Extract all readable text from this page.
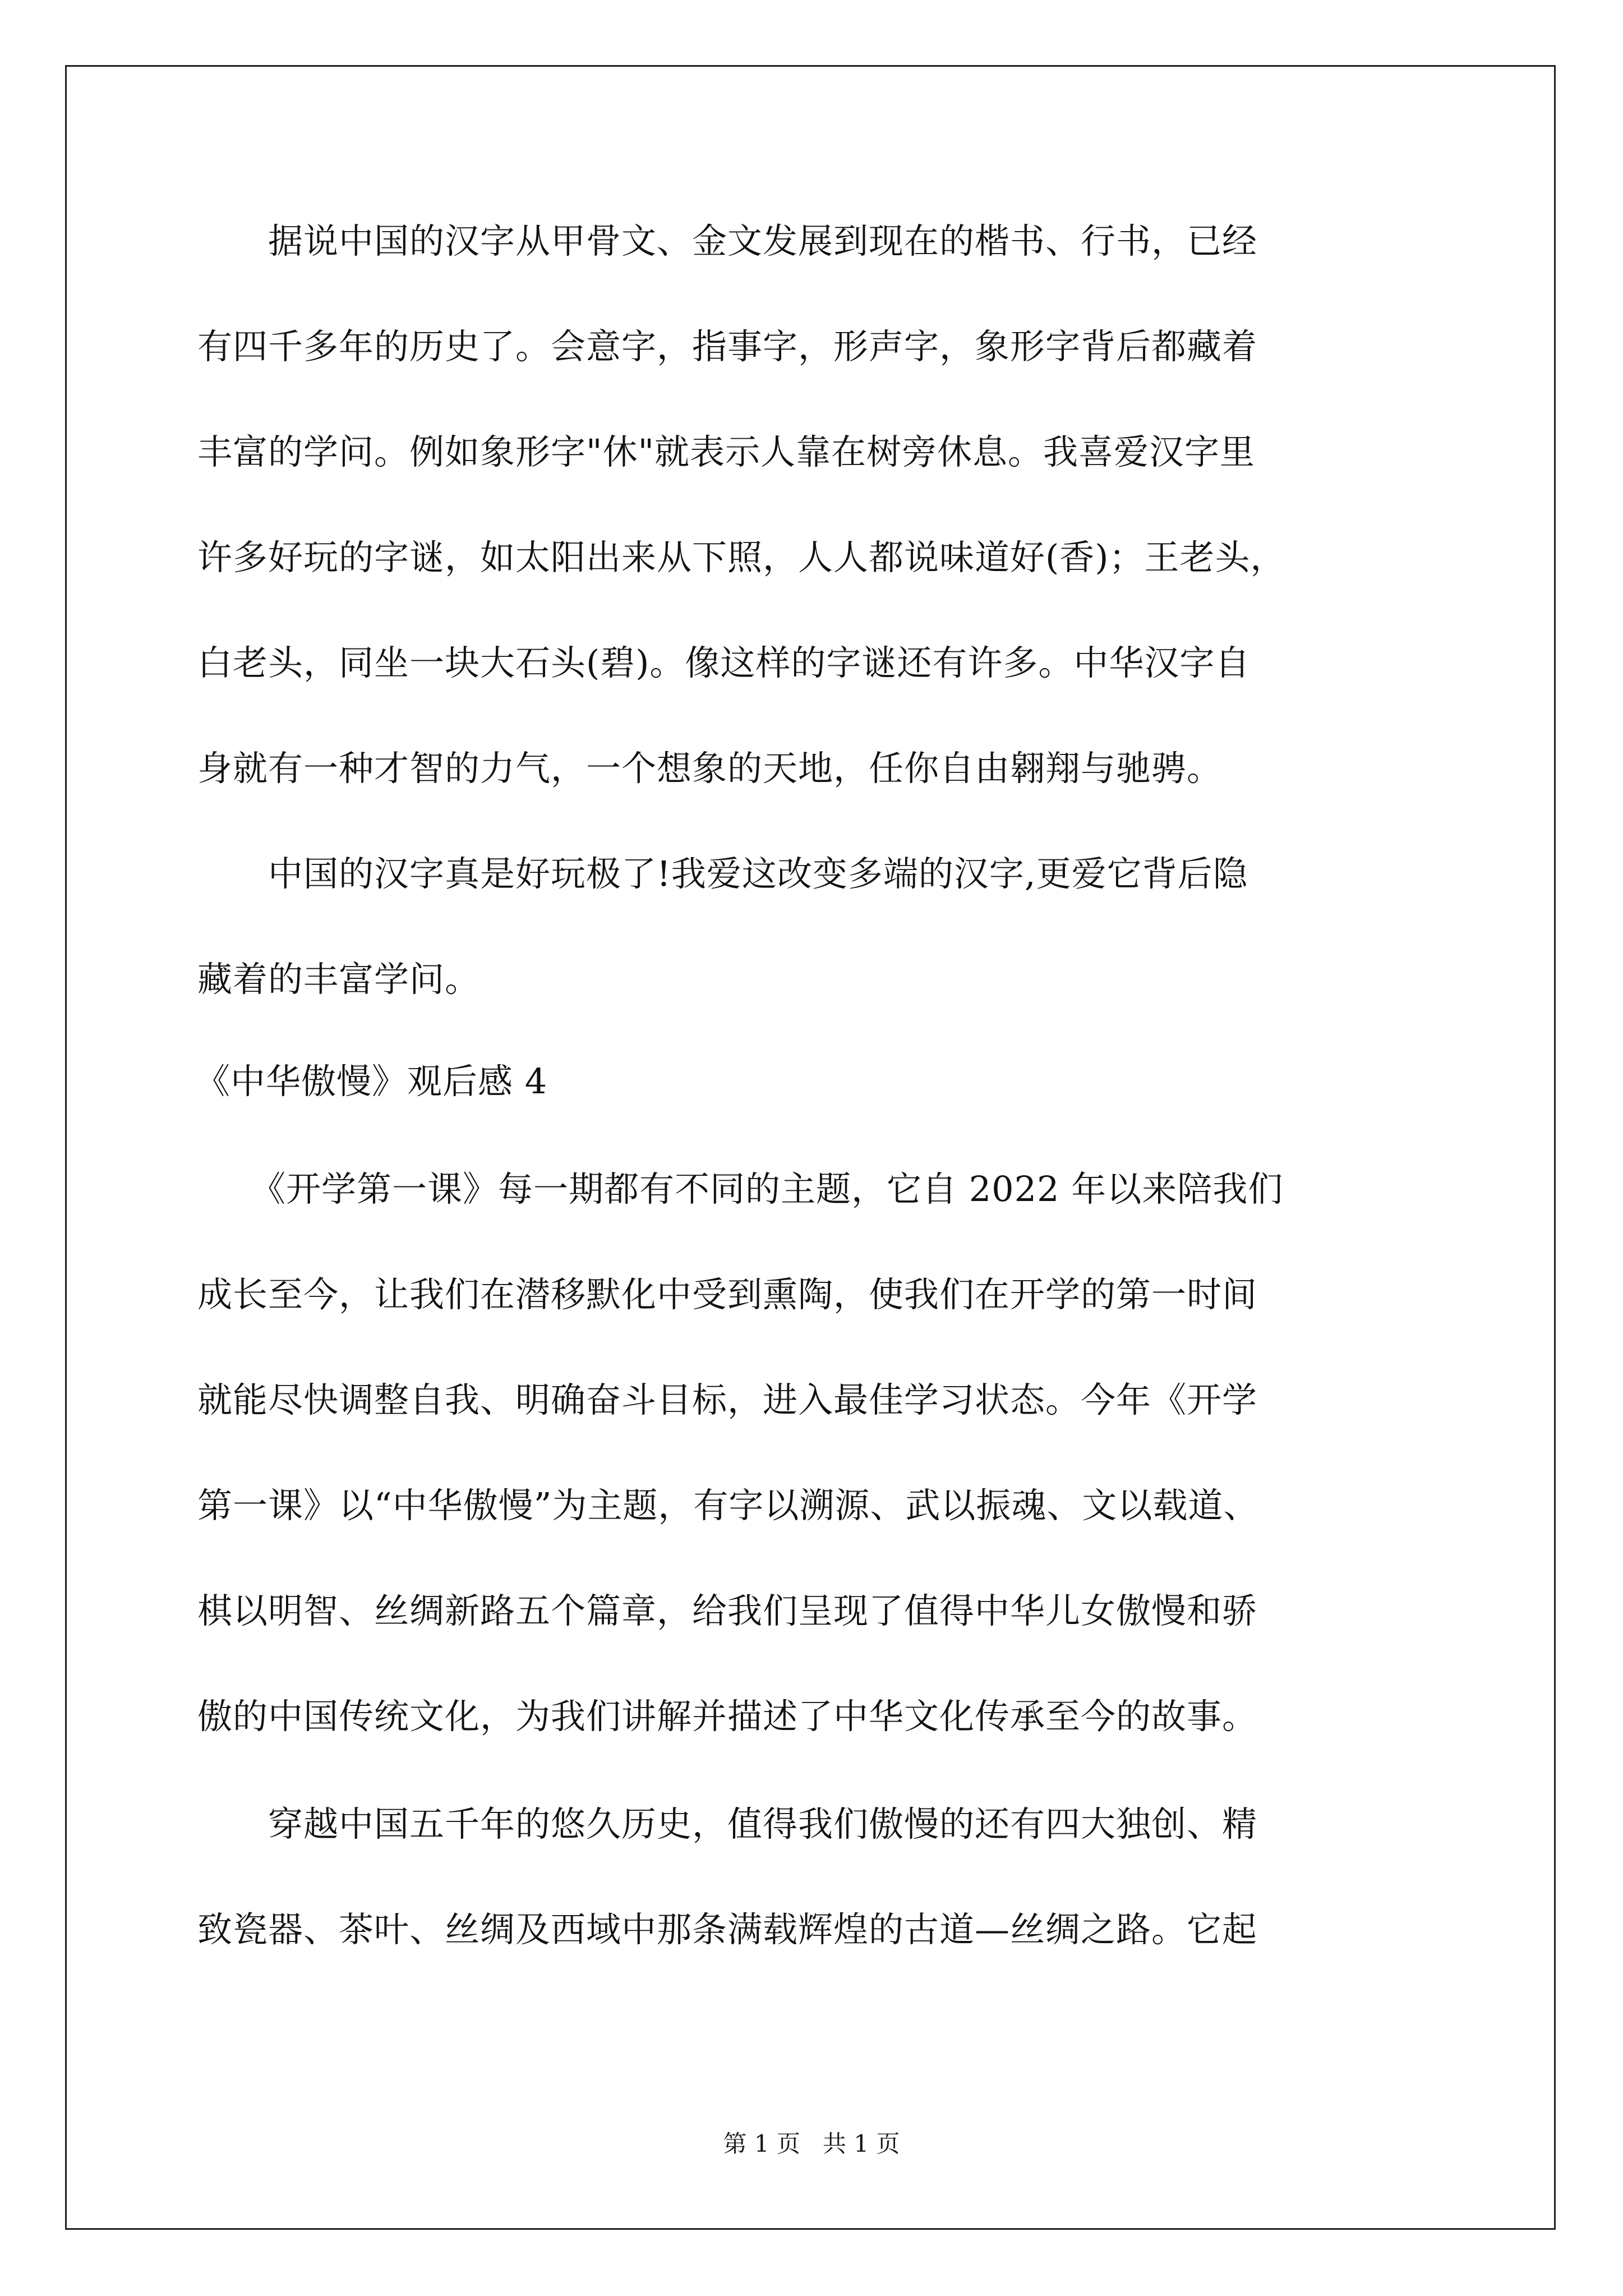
　　据说中国的汉字从甲骨文、金文发展到现在的楷书、行书，已经
有四千多年的历史了。会意字，指事字，形声字，象形字背后都藏着
丰富的学问。例如象形字"休"就表示人靠在树旁休息。我喜爱汉字里
许多好玩的字谜，如太阳出来从下照，人人都说味道好(香)；王老头，
白老头，同坐一块大石头(碧)。像这样的字谜还有许多。中华汉字自
身就有一种才智的力气，一个想象的天地，任你自由翱翔与驰骋。
　　中国的汉字真是好玩极了!我爱这改变多端的汉字,更爱它背后隐
藏着的丰富学问。
《中华傲慢》观后感 4
　　《开学第一课》每一期都有不同的主题，它自 2022 年以来陪我们
成长至今，让我们在潜移默化中受到熏陶，使我们在开学的第一时间
就能尽快调整自我、明确奋斗目标，进入最佳学习状态。今年《开学
第一课》以“中华傲慢”为主题，有字以溯源、武以振魂、文以载道、
棋以明智、丝绸新路五个篇章，给我们呈现了值得中华儿女傲慢和骄
傲的中国传统文化，为我们讲解并描述了中华文化传承至今的故事。
　　穿越中国五千年的悠久历史，值得我们傲慢的还有四大独创、精
致瓷器、茶叶、丝绸及西域中那条满载辉煌的古道—丝绸之路。它起
第 1 页   共 1 页
